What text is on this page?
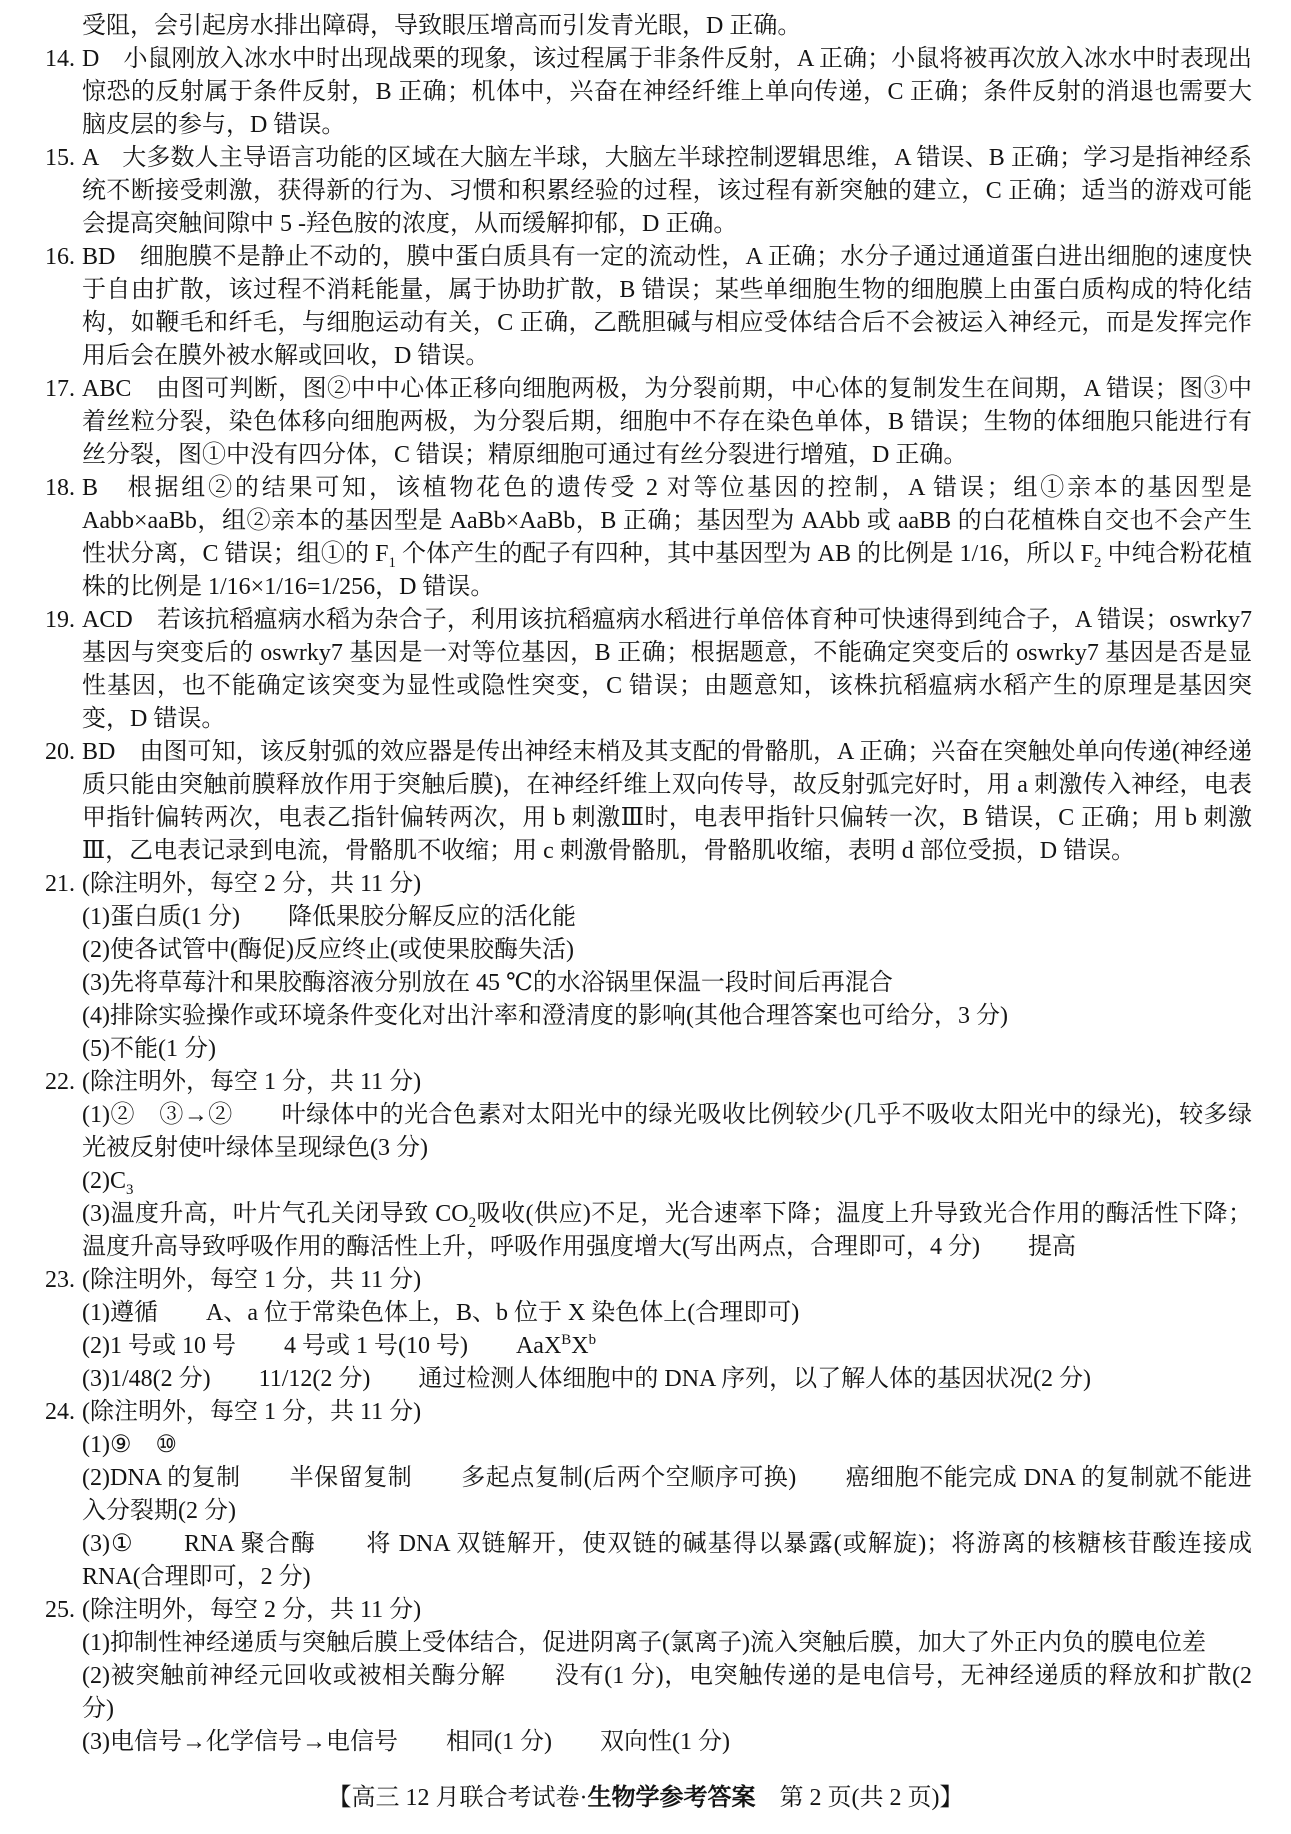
受阻，会引起房水排出障碍，导致眼压增高而引发青光眼，D 正确。
14. D　小鼠刚放入冰水中时出现战栗的现象，该过程属于非条件反射，A 正确；小鼠将被再次放入冰水中时表现出惊恐的反射属于条件反射，B 正确；机体中，兴奋在神经纤维上单向传递，C 正确；条件反射的消退也需要大脑皮层的参与，D 错误。
15. A　大多数人主导语言功能的区域在大脑左半球，大脑左半球控制逻辑思维，A 错误、B 正确；学习是指神经系统不断接受刺激，获得新的行为、习惯和积累经验的过程，该过程有新突触的建立，C 正确；适当的游戏可能会提高突触间隙中 5 -羟色胺的浓度，从而缓解抑郁，D 正确。
16. BD　细胞膜不是静止不动的，膜中蛋白质具有一定的流动性，A 正确；水分子通过通道蛋白进出细胞的速度快于自由扩散，该过程不消耗能量，属于协助扩散，B 错误；某些单细胞生物的细胞膜上由蛋白质构成的特化结构，如鞭毛和纤毛，与细胞运动有关，C 正确，乙酰胆碱与相应受体结合后不会被运入神经元，而是发挥完作用后会在膜外被水解或回收，D 错误。
17. ABC　由图可判断，图②中中心体正移向细胞两极，为分裂前期，中心体的复制发生在间期，A 错误；图③中着丝粒分裂，染色体移向细胞两极，为分裂后期，细胞中不存在染色单体，B 错误；生物的体细胞只能进行有丝分裂，图①中没有四分体，C 错误；精原细胞可通过有丝分裂进行增殖，D 正确。
18. B　根据组②的结果可知，该植物花色的遗传受 2 对等位基因的控制，A 错误；组①亲本的基因型是 Aabb×aaBb，组②亲本的基因型是 AaBb×AaBb，B 正确；基因型为 AAbb 或 aaBB 的白花植株自交也不会产生性状分离，C 错误；组①的 $F_1$ 个体产生的配子有四种，其中基因型为 AB 的比例是 1/16，所以 $F_2$ 中纯合粉花植株的比例是 1/16×1/16=1/256，D 错误。
19. ACD　若该抗稻瘟病水稻为杂合子，利用该抗稻瘟病水稻进行单倍体育种可快速得到纯合子，A 错误；oswrky7 基因与突变后的 oswrky7 基因是一对等位基因，B 正确；根据题意，不能确定突变后的 oswrky7 基因是否是显性基因，也不能确定该突变为显性或隐性突变，C 错误；由题意知，该株抗稻瘟病水稻产生的原理是基因突变，D 错误。
20. BD　由图可知，该反射弧的效应器是传出神经末梢及其支配的骨骼肌，A 正确；兴奋在突触处单向传递(神经递质只能由突触前膜释放作用于突触后膜)，在神经纤维上双向传导，故反射弧完好时，用 a 刺激传入神经，电表甲指针偏转两次，电表乙指针偏转两次，用 b 刺激Ⅲ时，电表甲指针只偏转一次，B 错误，C 正确；用 b 刺激Ⅲ，乙电表记录到电流，骨骼肌不收缩；用 c 刺激骨骼肌，骨骼肌收缩，表明 d 部位受损，D 错误。
21. (除注明外，每空 2 分，共 11 分)
(1)蛋白质(1 分)　　降低果胶分解反应的活化能
(2)使各试管中(酶促)反应终止(或使果胶酶失活)
(3)先将草莓汁和果胶酶溶液分别放在 45 ℃的水浴锅里保温一段时间后再混合
(4)排除实验操作或环境条件变化对出汁率和澄清度的影响(其他合理答案也可给分，3 分)
(5)不能(1 分)
22. (除注明外，每空 1 分，共 11 分)
(1)②　③→②　　叶绿体中的光合色素对太阳光中的绿光吸收比例较少(几乎不吸收太阳光中的绿光)，较多绿光被反射使叶绿体呈现绿色(3 分)
$(2)C_3$
(3)温度升高，叶片气孔关闭导致 $CO_2$吸收(供应)不足，光合速率下降；温度上升导致光合作用的酶活性下降；温度升高导致呼吸作用的酶活性上升，呼吸作用强度增大(写出两点，合理即可，4 分)　　提高
23. (除注明外，每空 1 分，共 11 分)
(1)遵循　　A、a 位于常染色体上，B、b 位于 X 染色体上(合理即可)
(2)1 号或 10 号　　4 号或 1 号(10 号)　　$AaX^BX^b$
(3)1/48(2 分)　　11/12(2 分)　　通过检测人体细胞中的 DNA 序列，以了解人体的基因状况(2 分)
24. (除注明外，每空 1 分，共 11 分)
(1)⑨　⑩
(2)DNA 的复制　　半保留复制　　多起点复制(后两个空顺序可换)　　癌细胞不能完成 DNA 的复制就不能进入分裂期(2 分)
(3)①　　RNA 聚合酶　　将 DNA 双链解开，使双链的碱基得以暴露(或解旋)；将游离的核糖核苷酸连接成 RNA(合理即可，2 分)
25. (除注明外，每空 2 分，共 11 分)
(1)抑制性神经递质与突触后膜上受体结合，促进阴离子(氯离子)流入突触后膜，加大了外正内负的膜电位差
(2)被突触前神经元回收或被相关酶分解　　没有(1 分)，电突触传递的是电信号，无神经递质的释放和扩散(2 分)
(3)电信号→化学信号→电信号　　相同(1 分)　　双向性(1 分)
【高三 12 月联合考试卷·生物学参考答案　第 2 页(共 2 页)】
